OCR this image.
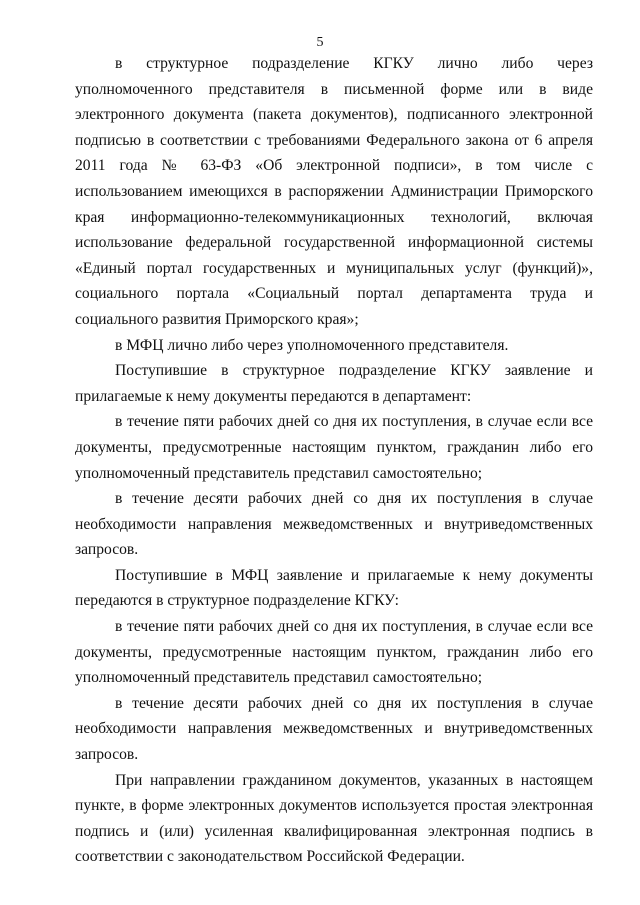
5

в структурное подразделение КГКУ лично либо через уполномоченного представителя в письменной форме или в виде электронного документа (пакета документов), подписанного электронной подписью в соответствии с требованиями Федерального закона от 6 апреля 2011 года № 63-ФЗ «Об электронной подписи», в том числе с использованием имеющихся в распоряжении Администрации Приморского края информационно-телекоммуникационных технологий, включая использование федеральной государственной информационной системы «Единый портал государственных и муниципальных услуг (функций)», социального портала «Социальный портал департамента труда и социального развития Приморского края»;

в МФЦ лично либо через уполномоченного представителя.

Поступившие в структурное подразделение КГКУ заявление и прилагаемые к нему документы передаются в департамент:

в течение пяти рабочих дней со дня их поступления, в случае если все документы, предусмотренные настоящим пунктом, гражданин либо его уполномоченный представитель представил самостоятельно;

в течение десяти рабочих дней со дня их поступления в случае необходимости направления межведомственных и внутриведомственных запросов.

Поступившие в МФЦ заявление и прилагаемые к нему документы передаются в структурное подразделение КГКУ:

в течение пяти рабочих дней со дня их поступления, в случае если все документы, предусмотренные настоящим пунктом, гражданин либо его уполномоченный представитель представил самостоятельно;

в течение десяти рабочих дней со дня их поступления в случае необходимости направления межведомственных и внутриведомственных запросов.

При направлении гражданином документов, указанных в настоящем пункте, в форме электронных документов используется простая электронная подпись и (или) усиленная квалифицированная электронная подпись в соответствии с законодательством Российской Федерации.
